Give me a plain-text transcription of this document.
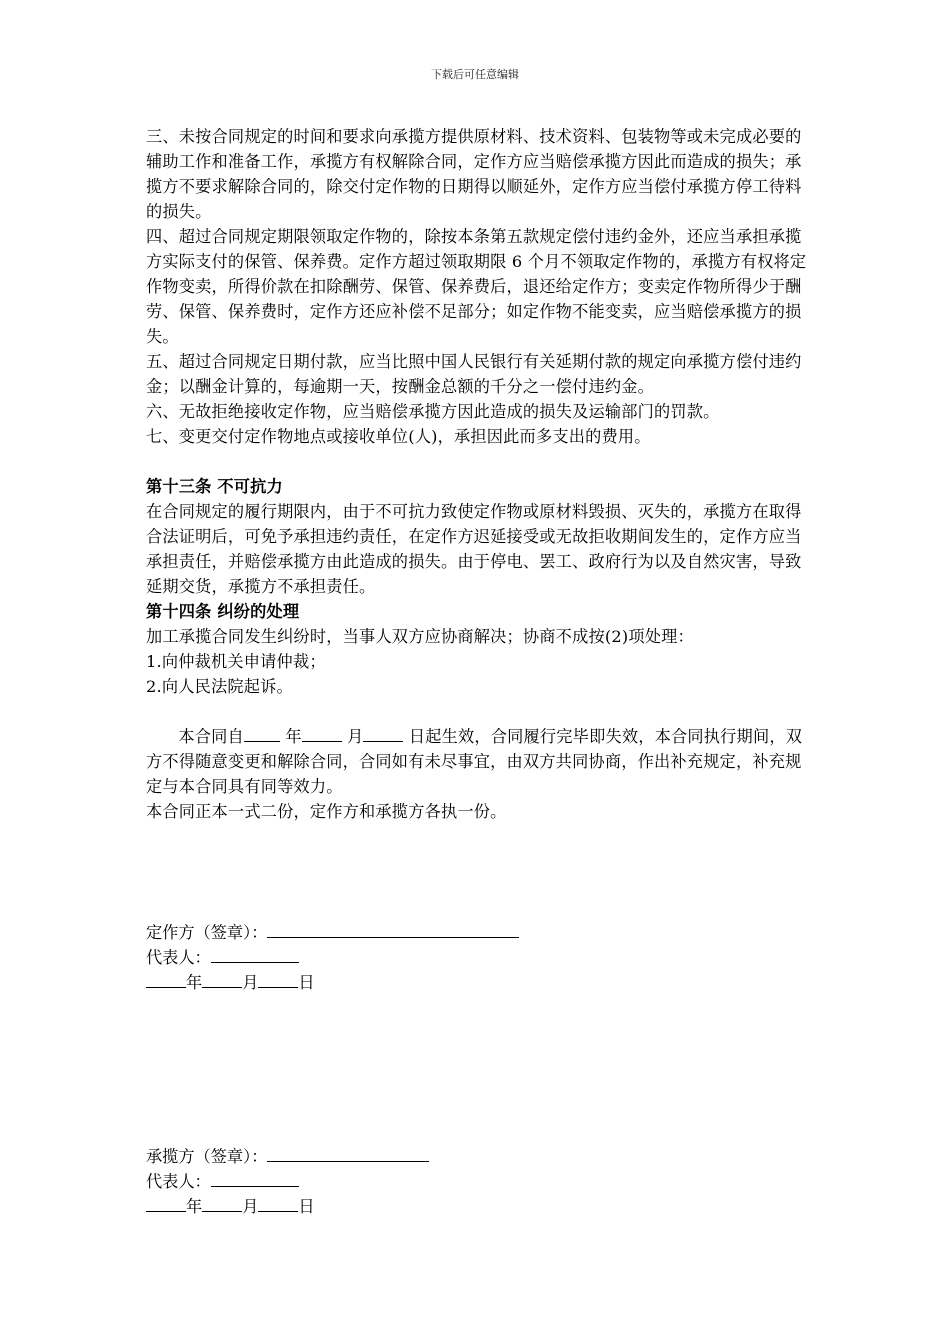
下载后可任意编辑

三、未按合同规定的时间和要求向承揽方提供原材料、技术资料、包装物等或未完成必要的辅助工作和准备工作，承揽方有权解除合同，定作方应当赔偿承揽方因此而造成的损失；承揽方不要求解除合同的，除交付定作物的日期得以顺延外，定作方应当偿付承揽方停工待料的损失。

四、超过合同规定期限领取定作物的，除按本条第五款规定偿付违约金外，还应当承担承揽方实际支付的保管、保养费。定作方超过领取期限 6 个月不领取定作物的，承揽方有权将定作物变卖，所得价款在扣除酬劳、保管、保养费后，退还给定作方；变卖定作物所得少于酬劳、保管、保养费时，定作方还应补偿不足部分；如定作物不能变卖，应当赔偿承揽方的损失。

五、超过合同规定日期付款，应当比照中国人民银行有关延期付款的规定向承揽方偿付违约金；以酬金计算的，每逾期一天，按酬金总额的千分之一偿付违约金。

六、无故拒绝接收定作物，应当赔偿承揽方因此造成的损失及运输部门的罚款。

七、变更交付定作物地点或接收单位(人)，承担因此而多支出的费用。

第十三条 不可抗力

在合同规定的履行期限内，由于不可抗力致使定作物或原材料毁损、灭失的，承揽方在取得合法证明后，可免予承担违约责任，在定作方迟延接受或无故拒收期间发生的，定作方应当承担责任，并赔偿承揽方由此造成的损失。由于停电、罢工、政府行为以及自然灾害，导致延期交货，承揽方不承担责任。

第十四条 纠纷的处理

加工承揽合同发生纠纷时，当事人双方应协商解决；协商不成按(2)项处理：

1.向仲裁机关申请仲裁；

2.向人民法院起诉。

本合同自	年	月	日起生效，合同履行完毕即失效，本合同执行期间，双方不得随意变更和解除合同，合同如有未尽事宜，由双方共同协商，作出补充规定，补充规定与本合同具有同等效力。

本合同正本一式二份，定作方和承揽方各执一份。

定作方（签章）：

代表人：

年 月 日

承揽方（签章）：

代表人：

年 月 日
